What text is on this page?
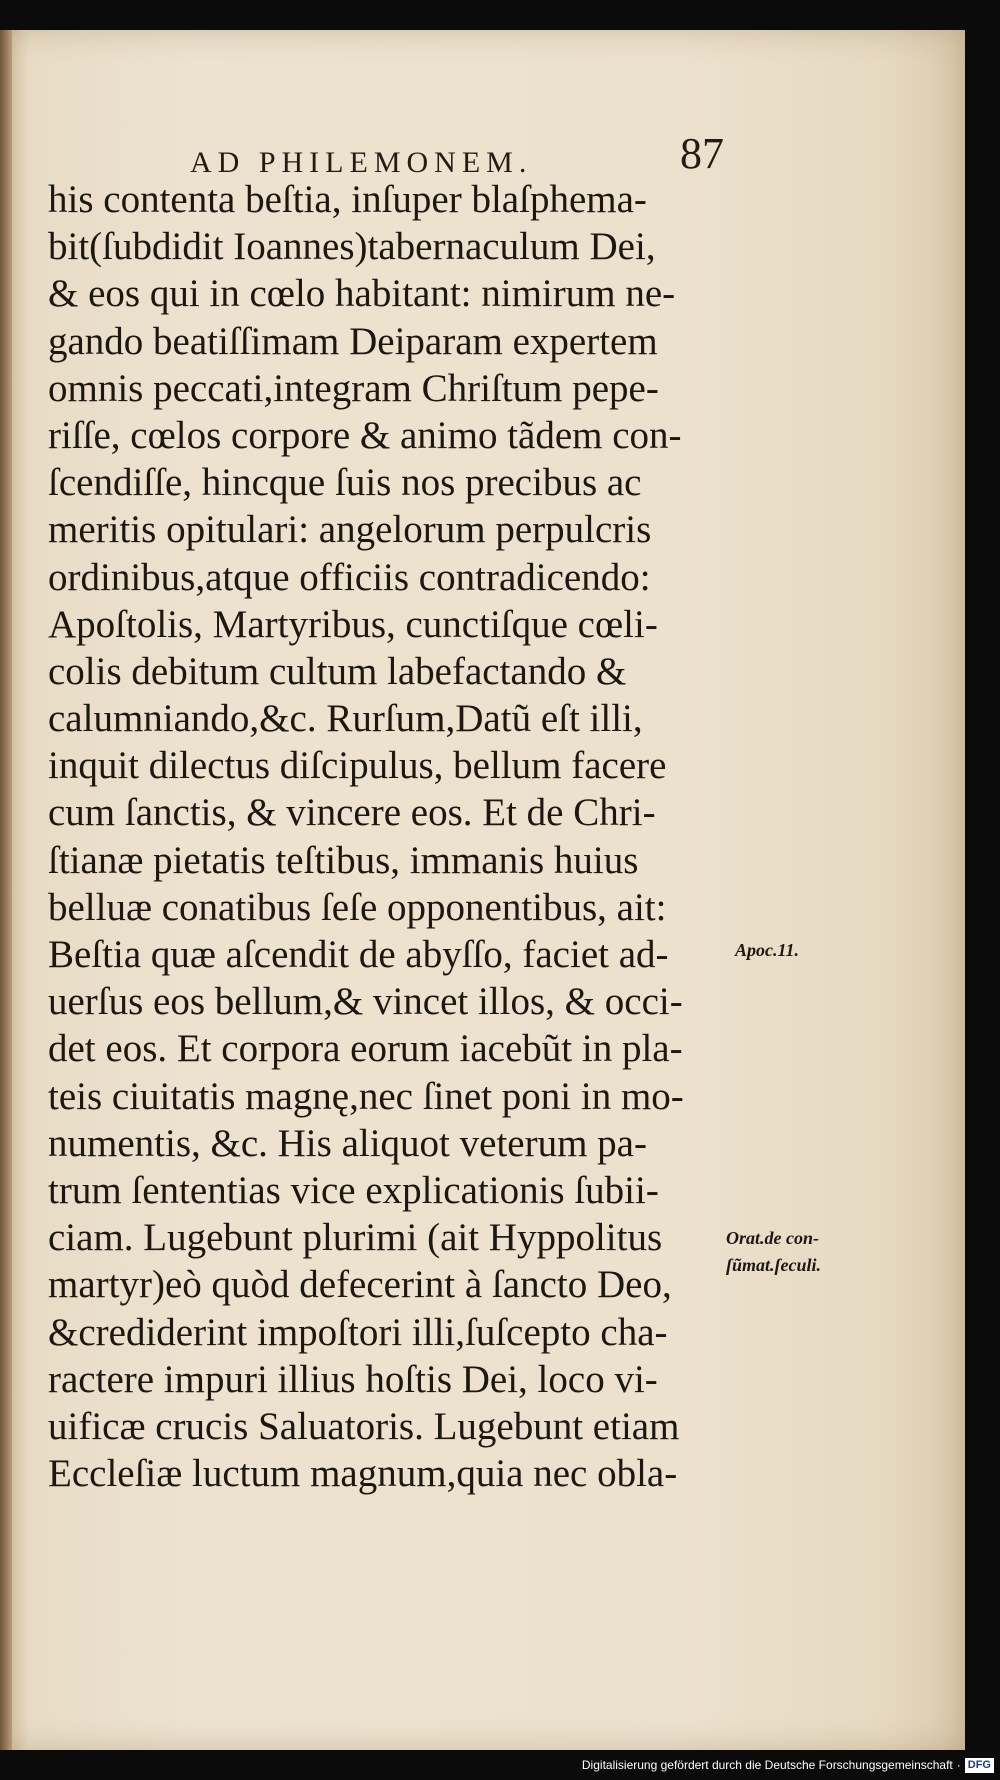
AD PHILEMONEM.	87
his contenta beſtia, inſuper blaſphema-
bit(ſubdidit Ioannes)tabernaculum Dei,
& eos qui in cœlo habitant: nimirum ne-
gando beatiſſimam Deiparam expertem
omnis peccati,integram Chriſtum pepe-
riſſe, cœlos corpore & animo tãdem con-
ſcendiſſe, hincque ſuis nos precibus ac
meritis opitulari: angelorum perpulcris
ordinibus,atque officiis contradicendo:
Apoſtolis, Martyribus, cunctiſque cœli-
colis debitum cultum labefactando &
calumniando,&c. Rurſum,Datũ eſt illi,
inquit dilectus diſcipulus, bellum facere
cum ſanctis, & vincere eos. Et de Chri-
ſtianæ pietatis teſtibus, immanis huius
belluæ conatibus ſeſe opponentibus, ait:
Beſtia quæ aſcendit de abyſſo, faciet ad-
uerſus eos bellum,& vincet illos, & occi-
det eos. Et corpora eorum iacebũt in pla-
teis ciuitatis magnę,nec ſinet poni in mo-
numentis, &c. His aliquot veterum pa-
trum ſententias vice explicationis ſubii-
ciam. Lugebunt plurimi (ait Hyppolitus
martyr)eò quòd defecerint à ſancto Deo,
&crediderint impoſtori illi,ſuſcepto cha-
ractere impuri illius hoſtis Dei, loco vi-
uificæ crucis Saluatoris. Lugebunt etiam
Eccleſiæ luctum magnum,quia nec obla-
Apoc.11.
Orat.de con-
ſũmat.ſeculi.
Digitalisierung gefördert durch die Deutsche Forschungsgemeinschaft · DFG
